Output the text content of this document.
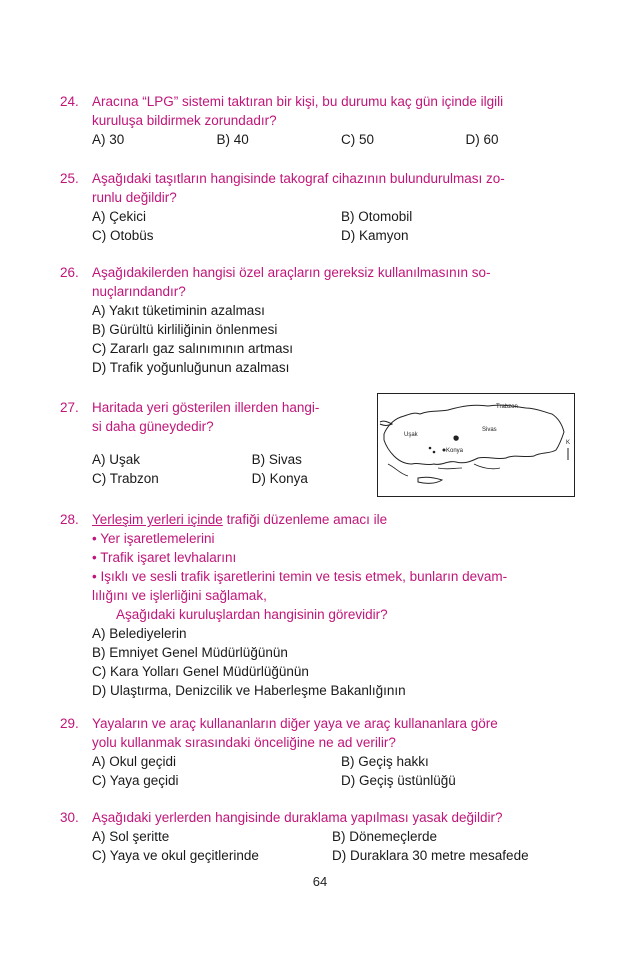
24. Aracına “LPG” sistemi taktıran bir kişi, bu durumu kaç gün içinde ilgili
kuruluşa bildirmek zorundadır?
A) 30	B) 40	C) 50	D) 60
25. Aşağıdaki taşıtların hangisinde takograf cihazının bulundurulması zo-
runlu değildir?
A) Çekici	B) Otomobil
C) Otobüs	D) Kamyon
26. Aşağıdakilerden hangisi özel araçların gereksiz kullanılmasının so-
nuçlarındandır?
A) Yakıt tüketiminin azalması
B) Gürültü kirliliğinin önlenmesi
C) Zararlı gaz salınımının artması
D) Trafik yoğunluğunun azalması
27. Haritada yeri gösterilen illerden hangi-
si daha güneydedir?
A) Uşak	B) Sivas
C) Trabzon	D) Konya
Trabzon
Sivas
Uşak
Konya
K
28. Yerleşim yerleri içinde trafiği düzenleme amacı ile
• Yer işaretlemelerini
• Trafik işaret levhalarını
• Işıklı ve sesli trafik işaretlerini temin ve tesis etmek, bunların devam-
lılığını ve işlerliğini sağlamak,
Aşağıdaki kuruluşlardan hangisinin görevidir?
A) Belediyelerin
B) Emniyet Genel Müdürlüğünün
C) Kara Yolları Genel Müdürlüğünün
D) Ulaştırma, Denizcilik ve Haberleşme Bakanlığının
29. Yayaların ve araç kullananların diğer yaya ve araç kullananlara göre
yolu kullanmak sırasındaki önceliğine ne ad verilir?
A) Okul geçidi	B) Geçiş hakkı
C) Yaya geçidi	D) Geçiş üstünlüğü
30. Aşağıdaki yerlerden hangisinde duraklama yapılması yasak değildir?
A) Sol şeritte	B) Dönemeçlerde
C) Yaya ve okul geçitlerinde	D) Duraklara 30 metre mesafede
64
